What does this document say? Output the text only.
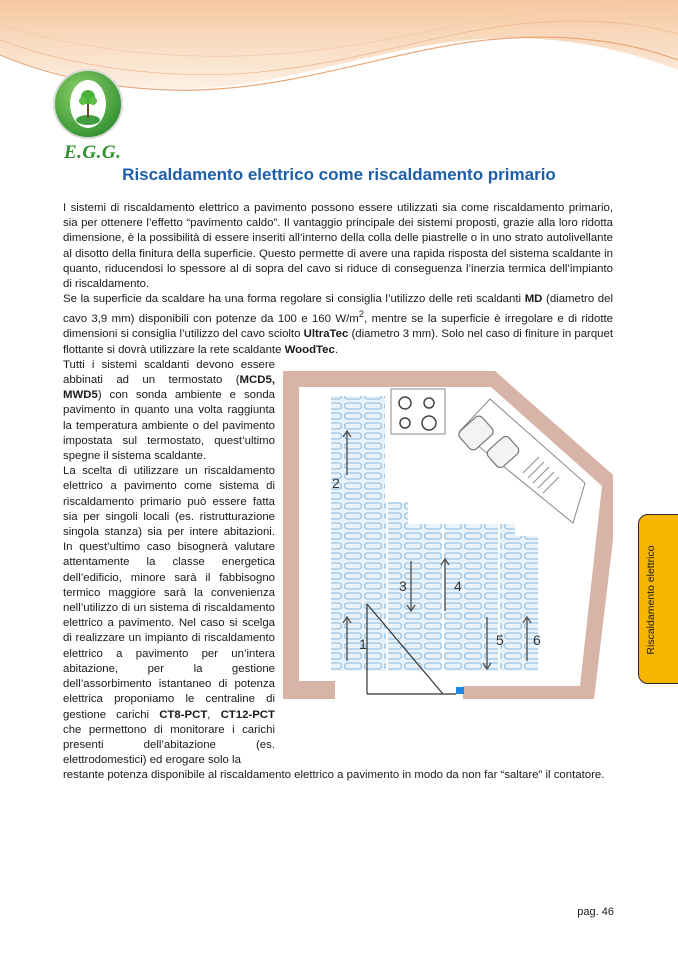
E.G.G.
Riscaldamento elettrico come riscaldamento primario

I sistemi di riscaldamento elettrico a pavimento possono essere utilizzati sia come riscaldamento primario, sia per ottenere l’effetto “pavimento caldo”. Il vantaggio principale dei sistemi proposti, grazie alla loro ridotta dimensione, è la possibilità di essere inseriti all’interno della colla delle piastrelle o in uno strato autolivellante al disotto della finitura della superficie. Questo permette di avere una rapida risposta del sistema scaldante in quanto, riducendosi lo spessore al di sopra del cavo si riduce di conseguenza l’inerzia termica dell’impianto di riscaldamento.

Se la superficie da scaldare ha una forma regolare si consiglia l’utilizzo delle reti scaldanti MD (diametro del cavo 3,9 mm) disponibili con potenze da 100 e 160 $W/m^2$, mentre se la superficie è irregolare e di ridotte dimensioni si consiglia l’utilizzo del cavo sciolto UltraTec (diametro 3 mm). Solo nel caso di finiture in parquet flottante si dovrà utilizzare la rete scaldante WoodTec.

1
2
3	4
5 6

Tutti i sistemi scaldanti devono essere abbinati ad un termostato (MCD5, MWD5) con sonda ambiente e sonda pavimento in quanto una volta raggiunta la temperatura ambiente o del pavimento impostata sul termostato, quest’ultimo spegne il sistema scaldante.

La scelta di utilizzare un riscaldamento elettrico a pavimento come sistema di riscaldamento primario può essere fatta sia per singoli locali (es. ristrutturazione singola stanza) sia per intere abitazioni. In quest’ultimo caso bisognerà valutare attentamente la classe energetica dell’edificio, minore sarà il fabbisogno termico maggiore sarà la convenienza nell’utilizzo di un sistema di riscaldamento elettrico a pavimento. Nel caso si scelga di realizzare un impianto di riscaldamento elettrico a pavimento per un’intera abitazione, per la gestione dell’assorbimento istantaneo di potenza elettrica proponiamo le centraline di gestione carichi CT8-PCT, CT12-PCT che permettono di monitorare i carichi presenti dell’abitazione (es. elettrodomestici) ed erogare solo la

restante potenza disponibile al riscaldamento elettrico a pavimento in modo da non far “saltare” il contatore.

Riscaldamento elettrico
pag. 46
